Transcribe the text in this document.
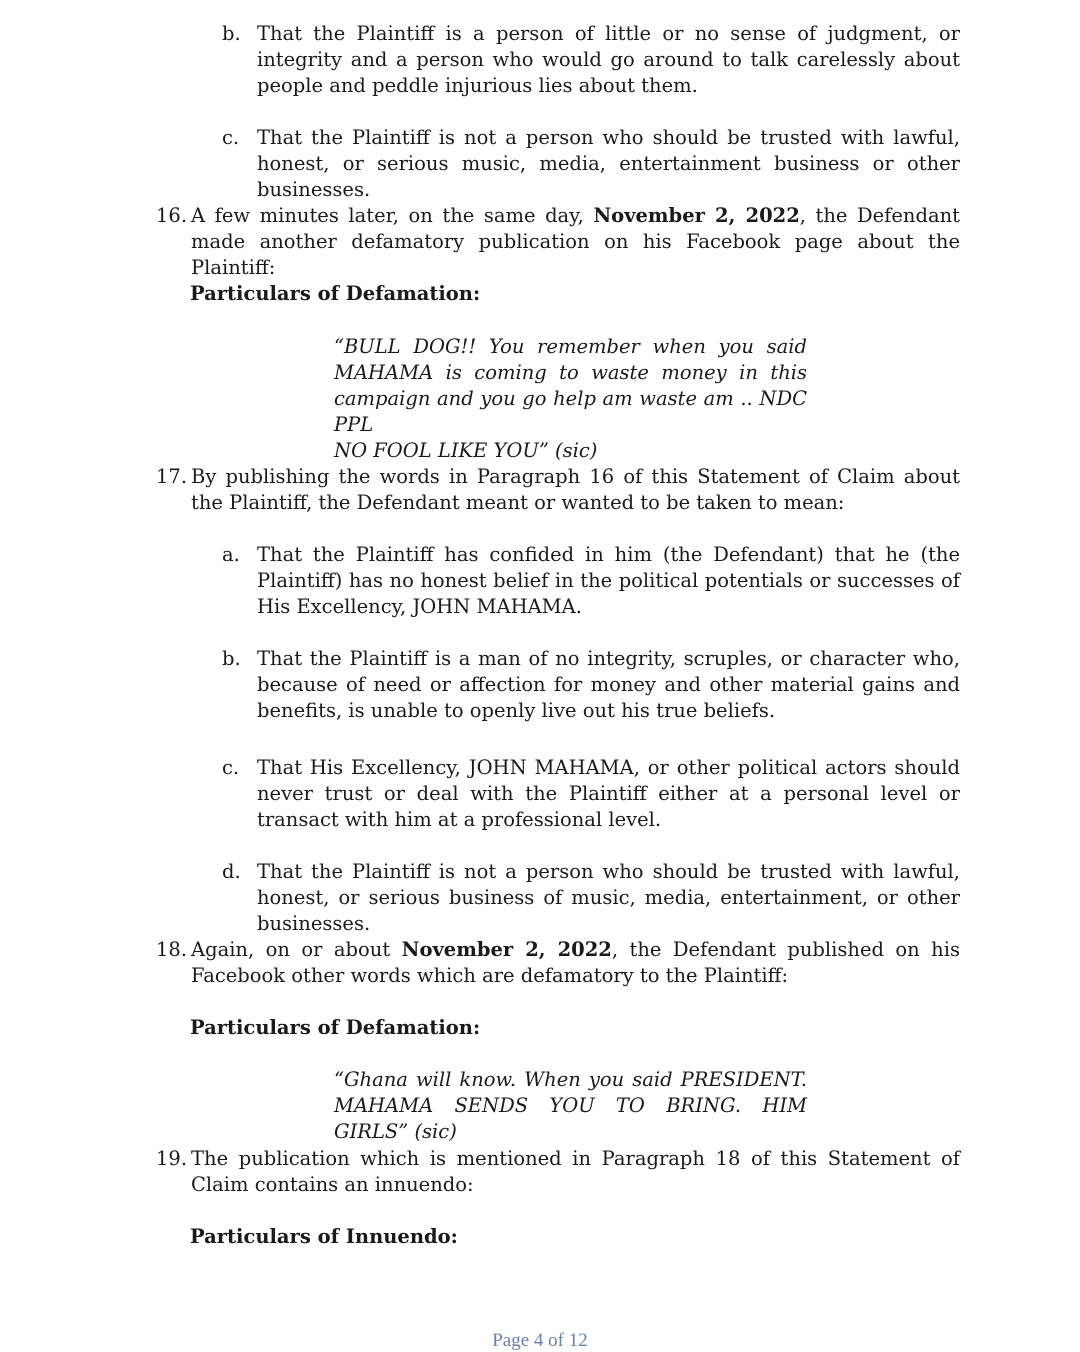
b. That the Plaintiff is a person of little or no sense of judgment, or integrity and a person who would go around to talk carelessly about people and peddle injurious lies about them.
c. That the Plaintiff is not a person who should be trusted with lawful, honest, or serious music, media, entertainment business or other businesses.
16. A few minutes later, on the same day, November 2, 2022, the Defendant made another defamatory publication on his Facebook page about the Plaintiff:
Particulars of Defamation:
“BULL DOG!! You remember when you said
MAHAMA is coming to waste money in this
campaign and you go help am waste am .. NDC PPL
NO FOOL LIKE YOU” (sic)
17. By publishing the words in Paragraph 16 of this Statement of Claim about the Plaintiff, the Defendant meant or wanted to be taken to mean:
a. That the Plaintiff has confided in him (the Defendant) that he (the Plaintiff) has no honest belief in the political potentials or successes of His Excellency, JOHN MAHAMA.
b. That the Plaintiff is a man of no integrity, scruples, or character who, because of need or affection for money and other material gains and benefits, is unable to openly live out his true beliefs.
c. That His Excellency, JOHN MAHAMA, or other political actors should never trust or deal with the Plaintiff either at a personal level or transact with him at a professional level.
d. That the Plaintiff is not a person who should be trusted with lawful, honest, or serious business of music, media, entertainment, or other businesses.
18. Again, on or about November 2, 2022, the Defendant published on his Facebook other words which are defamatory to the Plaintiff:
Particulars of Defamation:
“Ghana will know. When you said PRESIDENT.
MAHAMA SENDS YOU TO BRING. HIM GIRLS” (sic)
19. The publication which is mentioned in Paragraph 18 of this Statement of Claim contains an innuendo:
Particulars of Innuendo:
Page 4 of 12
